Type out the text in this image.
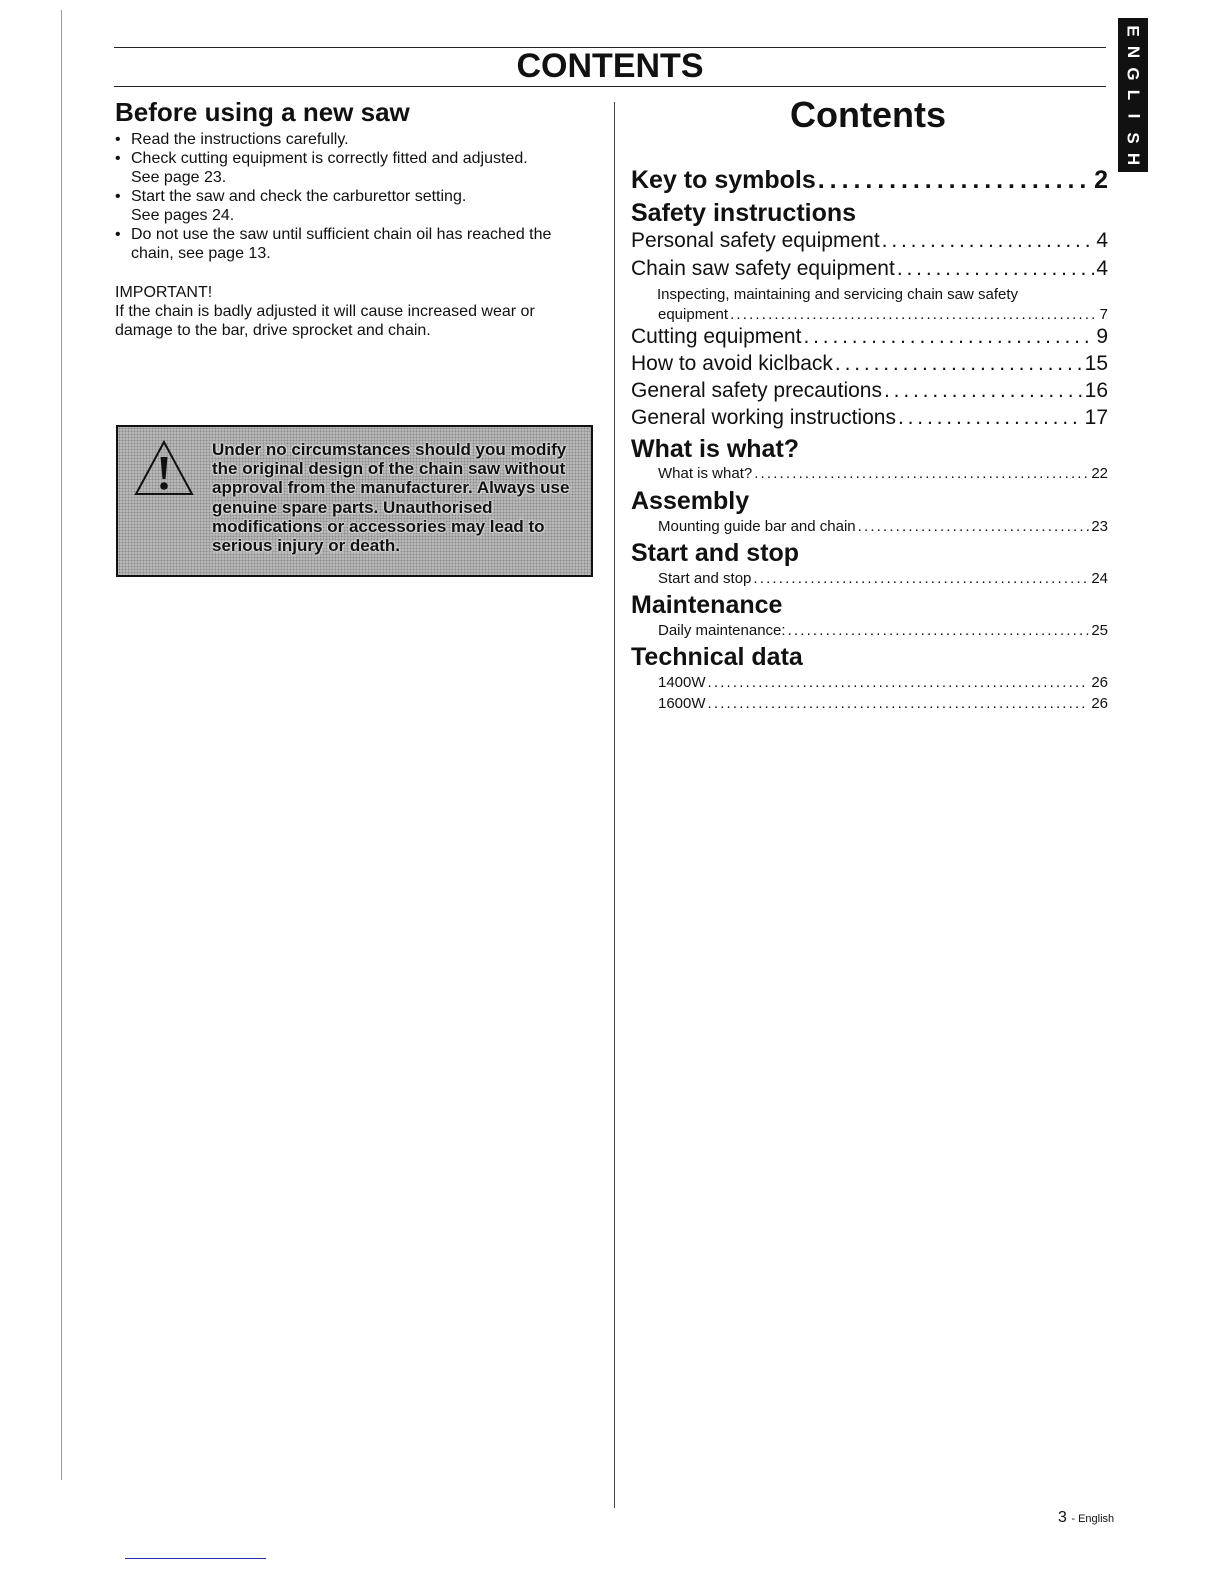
CONTENTS
E
N
G
L
I
S
H
Before using a new saw
• Read the instructions carefully.
• Check cutting equipment is correctly fitted and adjusted. See page 23.
• Start the saw and check the carburettor setting. See pages 24.
• Do not use the saw until sufficient chain oil has reached the chain, see page 13.
IMPORTANT!
If the chain is badly adjusted it will cause increased wear or damage to the bar, drive sprocket and chain.
Under no circumstances should you modify the original design of the chain saw without approval from the manufacturer. Always use genuine spare parts. Unauthorised modifications or accessories may lead to serious injury or death.
Contents
Key to symbols . . .	2
Safety instructions
Personal safety equipment . . .	4
Chain saw safety equipment . . .	4
Inspecting, maintaining and servicing chain saw safety
equipment . . .	7
Cutting equipment . . .	9
How to avoid kiclback . . .	15
General safety precautions . . .	16
General working instructions . . .	17
What is what?
What is what? . . .	22
Assembly
Mounting guide bar and chain . . .	23
Start and stop
Start and stop . . .	24
Maintenance
Daily maintenance: . . .	25
Technical data
1400W . . .	26
1600W . . .	26
3 - English
